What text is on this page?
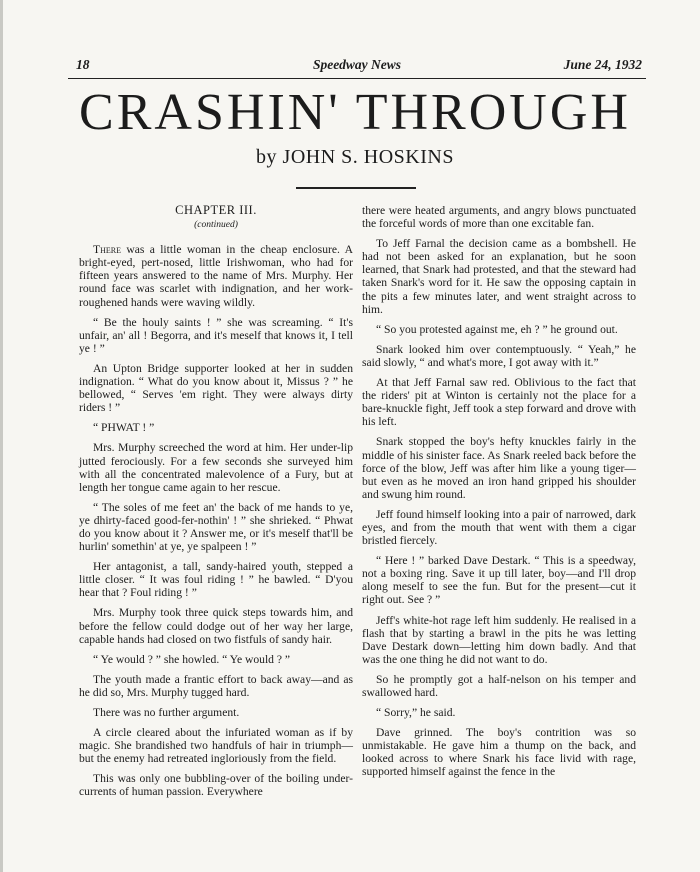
18	Speedway News	June 24, 1932
CRASHIN' THROUGH
by JOHN S. HOSKINS
CHAPTER III.
(continued)

There was a little woman in the cheap enclosure. A bright-eyed, pert-nosed, little Irishwoman, who had for fifteen years answered to the name of Mrs. Murphy. Her round face was scarlet with indignation, and her work-roughened hands were waving wildly.

“ Be the houly saints ! ” she was screaming. “ It's unfair, an' all ! Begorra, and it's meself that knows it, I tell ye ! ”

An Upton Bridge supporter looked at her in sudden indignation. “ What do you know about it, Missus ? ” he bellowed, “ Serves 'em right. They were always dirty riders ! ”

“ PHWAT ! ”

Mrs. Murphy screeched the word at him. Her under-lip jutted ferociously. For a few seconds she surveyed him with all the concentrated malevolence of a Fury, but at length her tongue came again to her rescue.

“ The soles of me feet an' the back of me hands to ye, ye dhirty-faced good-fer-nothin' ! ” she shrieked. “ Phwat do you know about it ? Answer me, or it's meself that'll be hurlin' somethin' at ye, ye spalpeen ! ”

Her antagonist, a tall, sandy-haired youth, stepped a little closer. “ It was foul riding ! ” he bawled. “ D'you hear that ? Foul riding ! ”

Mrs. Murphy took three quick steps towards him, and before the fellow could dodge out of her way her large, capable hands had closed on two fistfuls of sandy hair.

“ Ye would ? ” she howled. “ Ye would ? ”

The youth made a frantic effort to back away—and as he did so, Mrs. Murphy tugged hard.

There was no further argument.

A circle cleared about the infuriated woman as if by magic. She brandished two handfuls of hair in triumph—but the enemy had retreated ingloriously from the field.

This was only one bubbling-over of the boiling under-currents of human passion. Everywhere

there were heated arguments, and angry blows punctuated the forceful words of more than one excitable fan.

To Jeff Farnal the decision came as a bombshell. He had not been asked for an explanation, but he soon learned, that Snark had protested, and that the steward had taken Snark's word for it. He saw the opposing captain in the pits a few minutes later, and went straight across to him.

“ So you protested against me, eh ? ” he ground out.

Snark looked him over contemptuously. “ Yeah,” he said slowly, “ and what's more, I got away with it.”

At that Jeff Farnal saw red. Oblivious to the fact that the riders' pit at Winton is certainly not the place for a bare-knuckle fight, Jeff took a step forward and drove with his left.

Snark stopped the boy's hefty knuckles fairly in the middle of his sinister face. As Snark reeled back before the force of the blow, Jeff was after him like a young tiger—but even as he moved an iron hand gripped his shoulder and swung him round.

Jeff found himself looking into a pair of narrowed, dark eyes, and from the mouth that went with them a cigar bristled fiercely.

“ Here ! ” barked Dave Destark. “ This is a speedway, not a boxing ring. Save it up till later, boy—and I'll drop along meself to see the fun. But for the present—cut it right out. See ? ”

Jeff's white-hot rage left him suddenly. He realised in a flash that by starting a brawl in the pits he was letting Dave Destark down—letting him down badly. And that was the one thing he did not want to do.

So he promptly got a half-nelson on his temper and swallowed hard.

“ Sorry,” he said.

Dave grinned. The boy's contrition was so unmistakable. He gave him a thump on the back, and looked across to where Snark his face livid with rage, supported himself against the fence in the
